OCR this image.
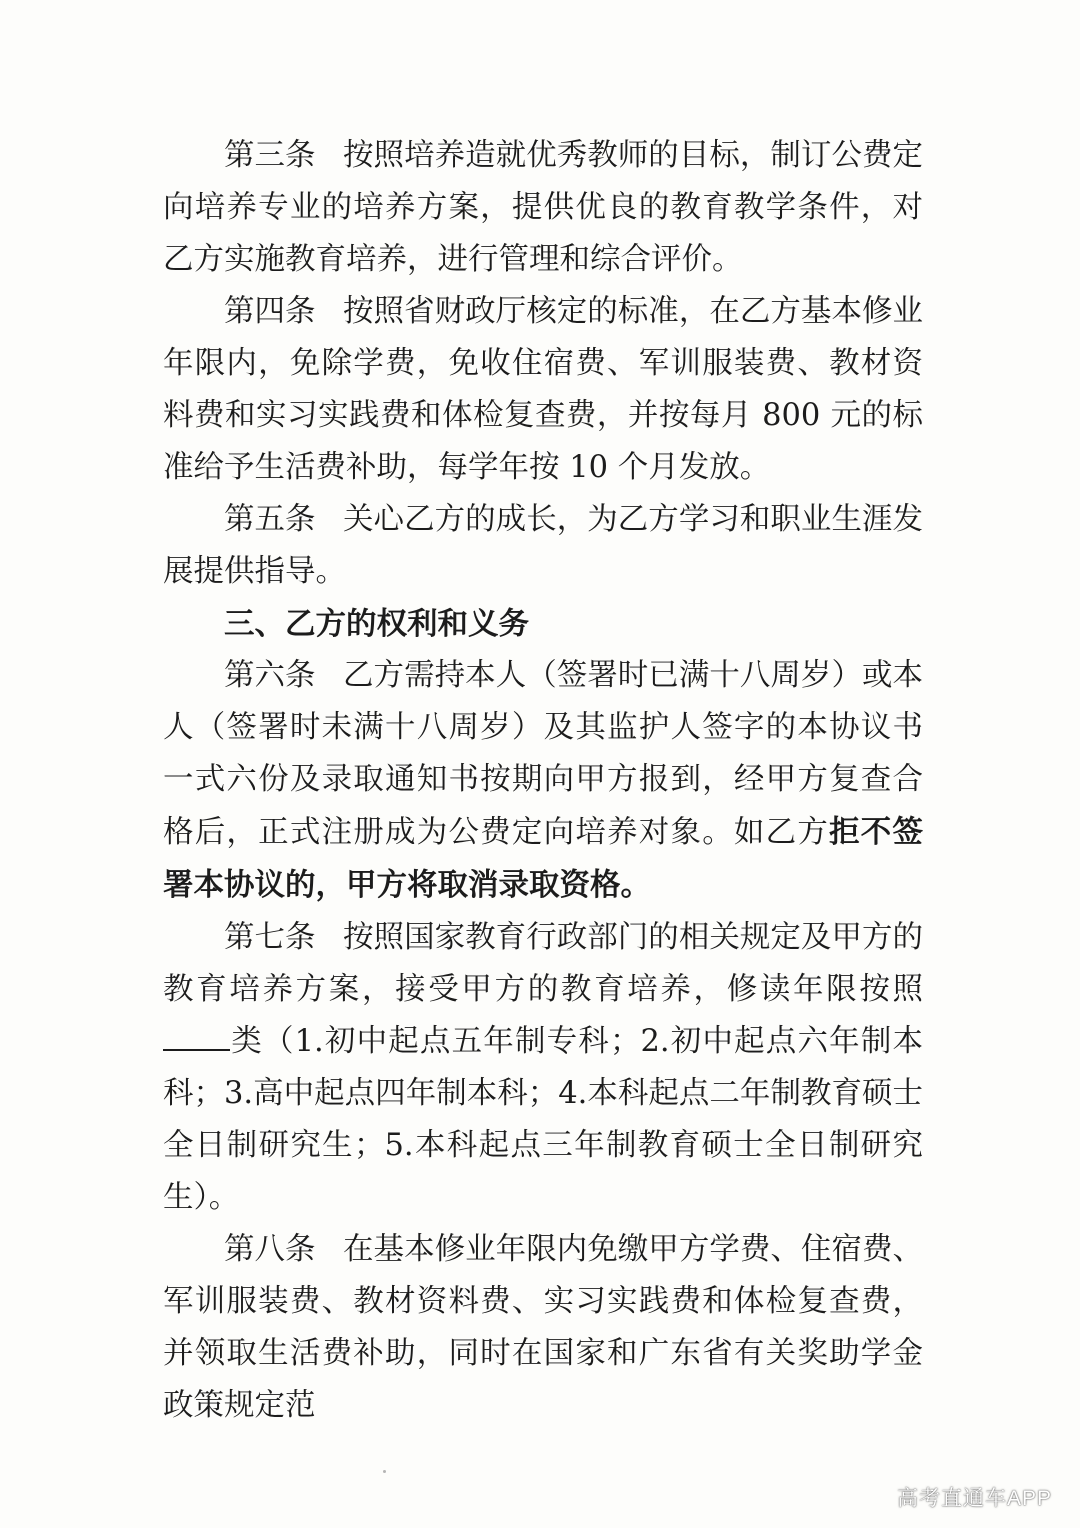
第三条 按照培养造就优秀教师的目标，制订公费定向培养专业的培养方案，提供优良的教育教学条件，对乙方实施教育培养，进行管理和综合评价。

第四条 按照省财政厅核定的标准，在乙方基本修业年限内，免除学费，免收住宿费、军训服装费、教材资料费和实习实践费和体检复查费，并按每月 800 元的标准给予生活费补助，每学年按 10 个月发放。

第五条 关心乙方的成长，为乙方学习和职业生涯发展提供指导。

三、乙方的权利和义务

第六条 乙方需持本人（签署时已满十八周岁）或本人（签署时未满十八周岁）及其监护人签字的本协议书一式六份及录取通知书按期向甲方报到，经甲方复查合格后，正式注册成为公费定向培养对象。如乙方拒不签署本协议的，甲方将取消录取资格。

第七条 按照国家教育行政部门的相关规定及甲方的教育培养方案，接受甲方的教育培养，修读年限按照类（1.初中起点五年制专科；2.初中起点六年制本科；3.高中起点四年制本科；4.本科起点二年制教育硕士全日制研究生；5.本科起点三年制教育硕士全日制研究生）。

第八条 在基本修业年限内免缴甲方学费、住宿费、军训服装费、教材资料费、实习实践费和体检复查费，并领取生活费补助，同时在国家和广东省有关奖助学金政策规定范

高考直通车APP
